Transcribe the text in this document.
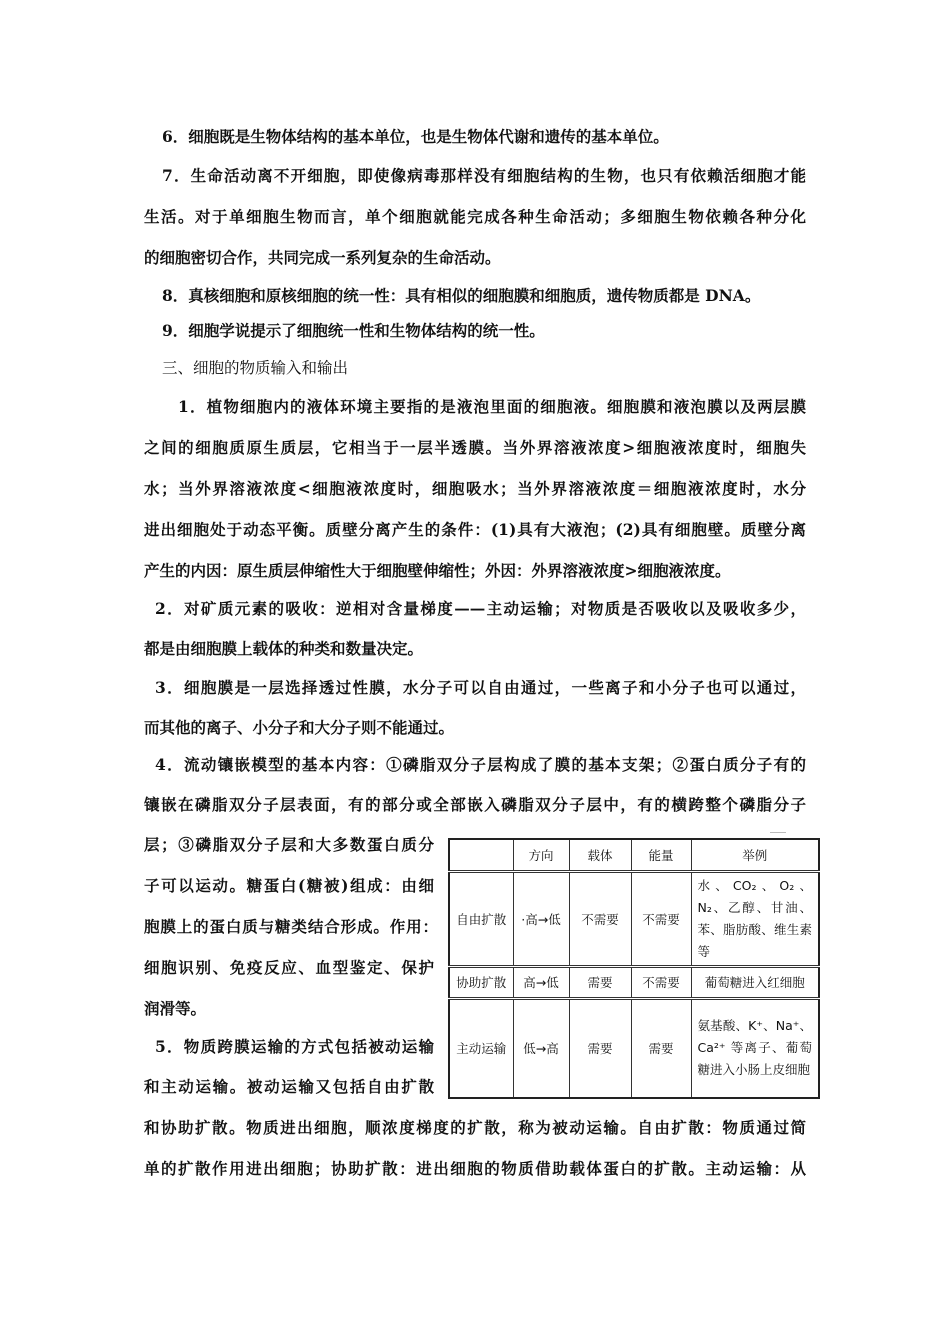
6．细胞既是生物体结构的基本单位，也是生物体代谢和遗传的基本单位。
7．生命活动离不开细胞，即使像病毒那样没有细胞结构的生物，也只有依赖活细胞才能
生活。对于单细胞生物而言，单个细胞就能完成各种生命活动；多细胞生物依赖各种分化
的细胞密切合作，共同完成一系列复杂的生命活动。
8．真核细胞和原核细胞的统一性：具有相似的细胞膜和细胞质，遗传物质都是 DNA。
9．细胞学说提示了细胞统一性和生物体结构的统一性。
三、细胞的物质输入和输出
1．植物细胞内的液体环境主要指的是液泡里面的细胞液。细胞膜和液泡膜以及两层膜
之间的细胞质原生质层，它相当于一层半透膜。当外界溶液浓度>细胞液浓度时，细胞失
水；当外界溶液浓度<细胞液浓度时，细胞吸水；当外界溶液浓度＝细胞液浓度时，水分
进出细胞处于动态平衡。质壁分离产生的条件：(1)具有大液泡；(2)具有细胞壁。质壁分离
产生的内因：原生质层伸缩性大于细胞壁伸缩性；外因：外界溶液浓度>细胞液浓度。
2．对矿质元素的吸收：逆相对含量梯度——主动运输；对物质是否吸收以及吸收多少，
都是由细胞膜上载体的种类和数量决定。
3．细胞膜是一层选择透过性膜，水分子可以自由通过，一些离子和小分子也可以通过，
而其他的离子、小分子和大分子则不能通过。
4．流动镶嵌模型的基本内容：①磷脂双分子层构成了膜的基本支架；②蛋白质分子有的
镶嵌在磷脂双分子层表面，有的部分或全部嵌入磷脂双分子层中，有的横跨整个磷脂分子
层；③磷脂双分子层和大多数蛋白质分
子可以运动。糖蛋白(糖被)组成：由细
胞膜上的蛋白质与糖类结合形成。作用：
细胞识别、免疫反应、血型鉴定、保护
润滑等。
5．物质跨膜运输的方式包括被动运输
和主动运输。被动运输又包括自由扩散
和协助扩散。物质进出细胞，顺浓度梯度的扩散，称为被动运输。自由扩散：物质通过简
单的扩散作用进出细胞；协助扩散：进出细胞的物质借助载体蛋白的扩散。主动运输：从
	方向	载体	能量	举例
自由扩散	·高→低	不需要	不需要	水、CO₂、O₂、N₂、乙醇、甘油、苯、脂肪酸、维生素等
协助扩散	高→低	需要	不需要	葡萄糖进入红细胞
主动运输	低→高	需要	需要	氨基酸、K⁺、Na⁺、Ca²⁺ 等离子、葡萄糖进入小肠上皮细胞
